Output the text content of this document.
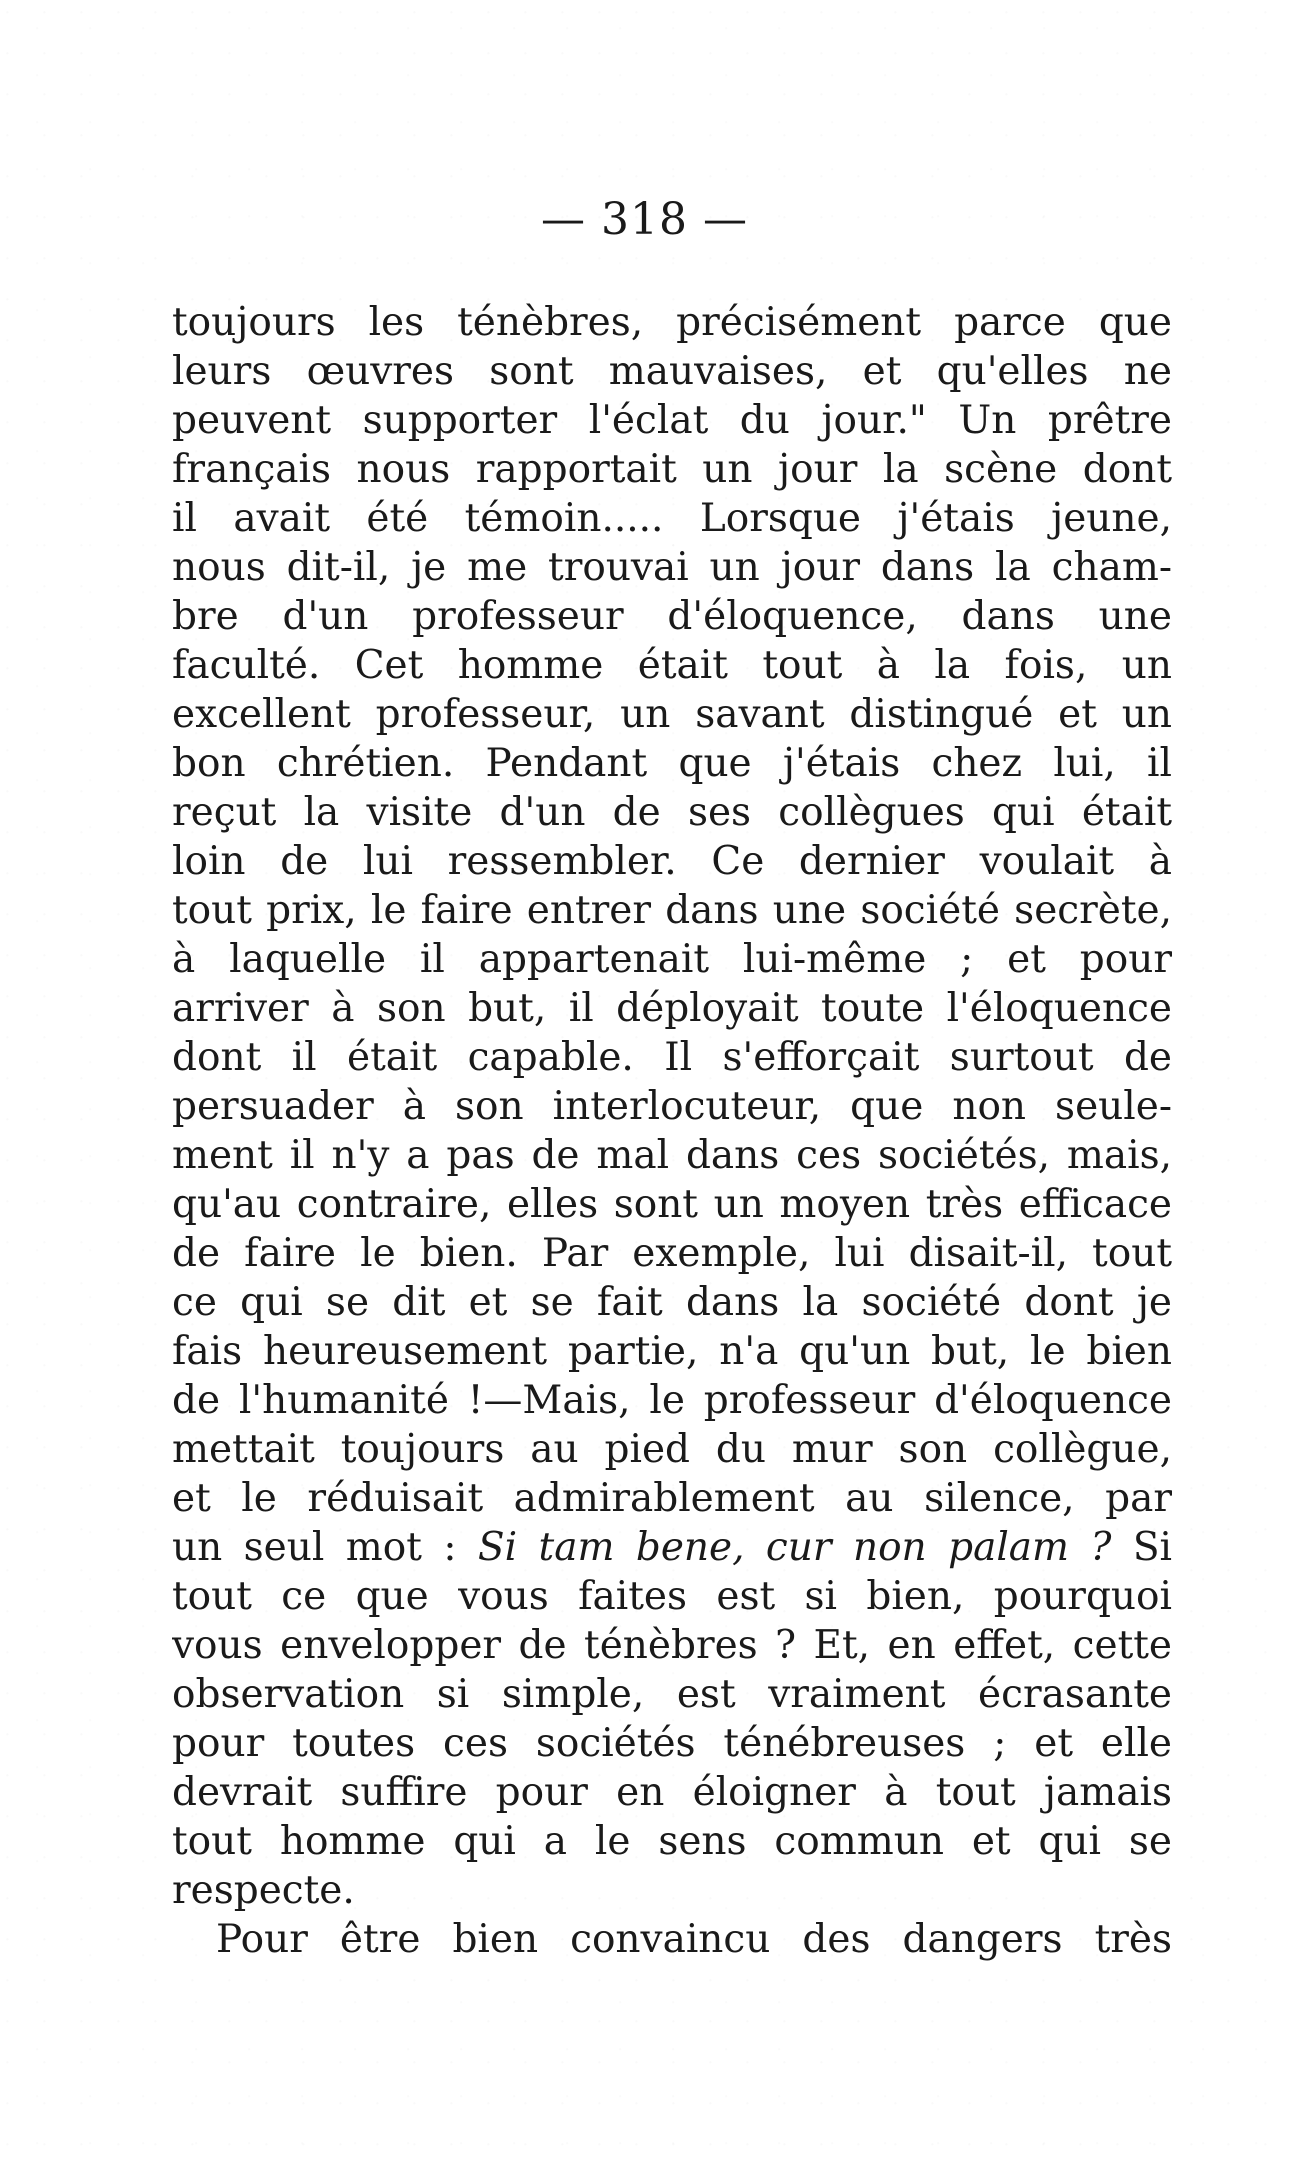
— 318 —
toujours les ténèbres, précisément parce que
leurs œuvres sont mauvaises, et qu'elles ne
peuvent supporter l'éclat du jour." Un prêtre
français nous rapportait un jour la scène dont
il avait été témoin..... Lorsque j'étais jeune,
nous dit-il, je me trouvai un jour dans la cham-
bre d'un professeur d'éloquence, dans une
faculté. Cet homme était tout à la fois, un
excellent professeur, un savant distingué et un
bon chrétien. Pendant que j'étais chez lui, il
reçut la visite d'un de ses collègues qui était
loin de lui ressembler. Ce dernier voulait à
tout prix, le faire entrer dans une société secrète,
à laquelle il appartenait lui-même ; et pour
arriver à son but, il déployait toute l'éloquence
dont il était capable. Il s'efforçait surtout de
persuader à son interlocuteur, que non seule-
ment il n'y a pas de mal dans ces sociétés, mais,
qu'au contraire, elles sont un moyen très efficace
de faire le bien. Par exemple, lui disait-il, tout
ce qui se dit et se fait dans la société dont je
fais heureusement partie, n'a qu'un but, le bien
de l'humanité !—Mais, le professeur d'éloquence
mettait toujours au pied du mur son collègue,
et le réduisait admirablement au silence, par
un seul mot : Si tam bene, cur non palam ? Si
tout ce que vous faites est si bien, pourquoi
vous envelopper de ténèbres ? Et, en effet, cette
observation si simple, est vraiment écrasante
pour toutes ces sociétés ténébreuses ; et elle
devrait suffire pour en éloigner à tout jamais
tout homme qui a le sens commun et qui se
respecte.
Pour être bien convaincu des dangers très
